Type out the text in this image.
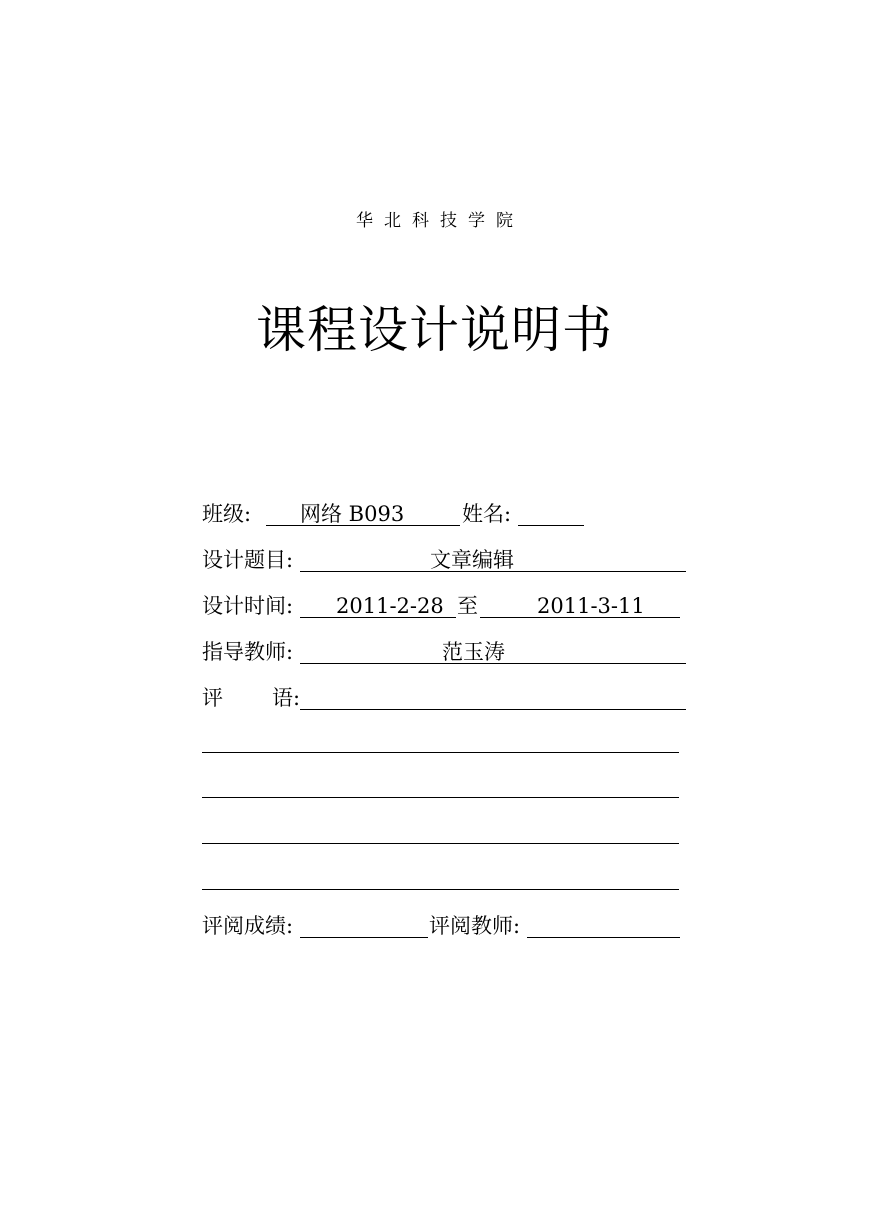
华北科技学院
课程设计说明书
班级: 网络 B093	姓名:
设计题目:	文章编辑
设计时间: 2011-2-28 至	2011-3-11
指导教师:	范玉涛
评 语:
评阅成绩:	评阅教师:
